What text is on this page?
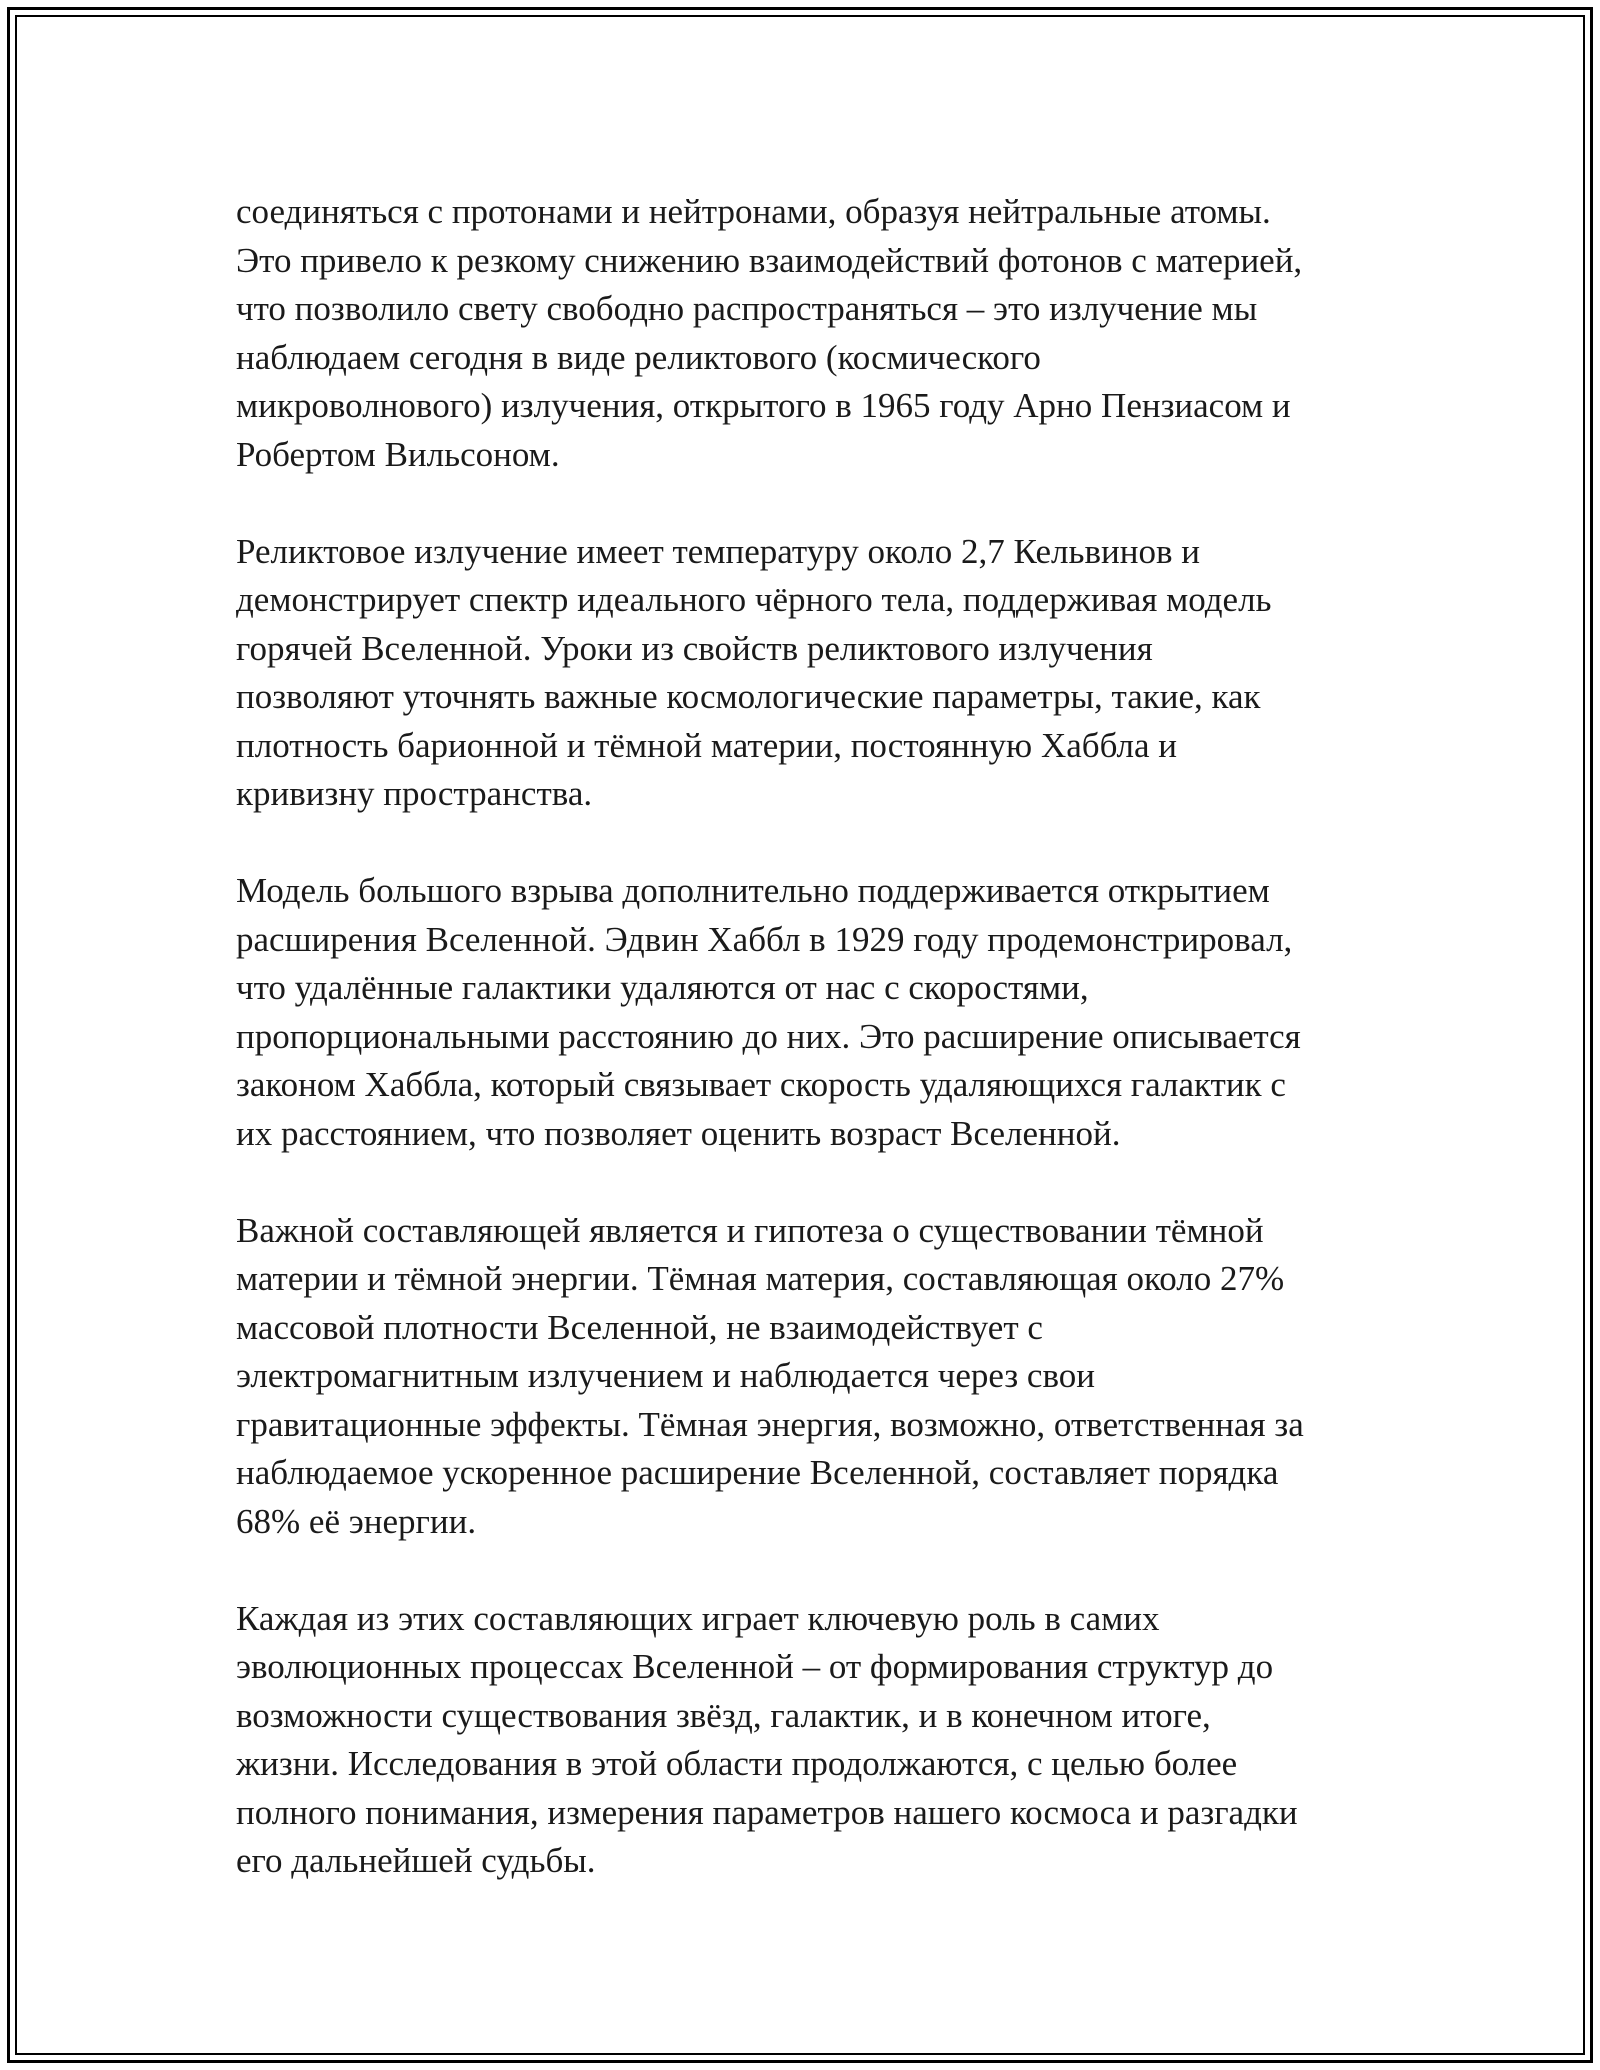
соединяться с протонами и нейтронами, образуя нейтральные атомы.
Это привело к резкому снижению взаимодействий фотонов с материей,
что позволило свету свободно распространяться – это излучение мы
наблюдаем сегодня в виде реликтового (космического
микроволнового) излучения, открытого в 1965 году Арно Пензиасом и
Робертом Вильсоном.

Реликтовое излучение имеет температуру около 2,7 Кельвинов и
демонстрирует спектр идеального чёрного тела, поддерживая модель
горячей Вселенной. Уроки из свойств реликтового излучения
позволяют уточнять важные космологические параметры, такие, как
плотность барионной и тёмной материи, постоянную Хаббла и
кривизну пространства.

Модель большого взрыва дополнительно поддерживается открытием
расширения Вселенной. Эдвин Хаббл в 1929 году продемонстрировал,
что удалённые галактики удаляются от нас с скоростями,
пропорциональными расстоянию до них. Это расширение описывается
законом Хаббла, который связывает скорость удаляющихся галактик с
их расстоянием, что позволяет оценить возраст Вселенной.

Важной составляющей является и гипотеза о существовании тёмной
материи и тёмной энергии. Тёмная материя, составляющая около 27%
массовой плотности Вселенной, не взаимодействует с
электромагнитным излучением и наблюдается через свои
гравитационные эффекты. Тёмная энергия, возможно, ответственная за
наблюдаемое ускоренное расширение Вселенной, составляет порядка
68% её энергии.

Каждая из этих составляющих играет ключевую роль в самих
эволюционных процессах Вселенной – от формирования структур до
возможности существования звёзд, галактик, и в конечном итоге,
жизни. Исследования в этой области продолжаются, с целью более
полного понимания, измерения параметров нашего космоса и разгадки
его дальнейшей судьбы.
